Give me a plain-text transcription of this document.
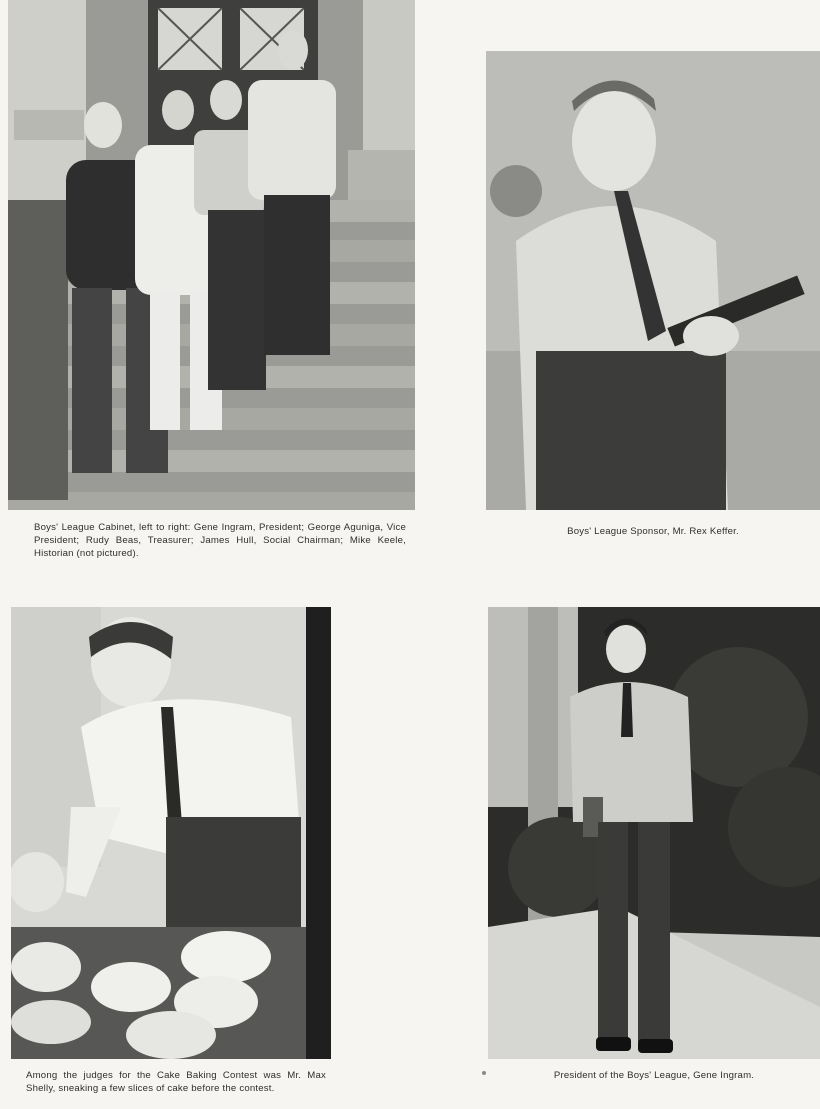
Boys' League Cabinet, left to right: Gene Ingram, President; George Aguniga, Vice President; Rudy Beas, Treasurer; James Hull, Social Chairman; Mike Keele, Historian (not pictured).
Boys' League Sponsor, Mr. Rex Keffer.
Among the judges for the Cake Baking Contest was Mr. Max Shelly, sneaking a few slices of cake before the contest.
President of the Boys' League, Gene Ingram.
